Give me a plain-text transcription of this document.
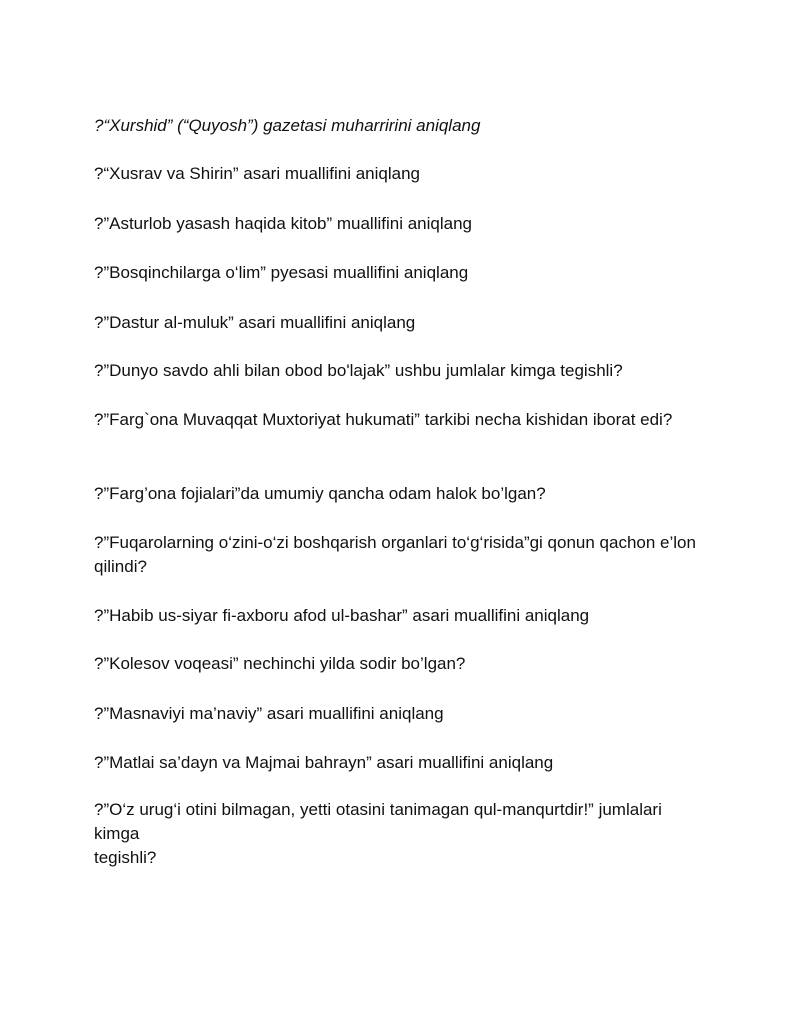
?“Xurshid” (“Quyosh”) gazetasi muharririni aniqlang

?“Xusrav va Shirin” asari muallifini aniqlang

?”Asturlob yasash haqida kitob” muallifini aniqlang

?”Bosqinchilarga o‘lim” pyesasi muallifini aniqlang

?”Dastur al-muluk” asari muallifini aniqlang

?”Dunyo savdo ahli bilan obod bo'lajak” ushbu jumlalar kimga tegishli?

?”Farg`ona Muvaqqat Muxtoriyat hukumati” tarkibi necha kishidan iborat edi?

?”Farg’ona fojialari”da umumiy qancha odam halok bo’lgan?

?”Fuqarolarning o‘zini-o‘zi boshqarish organlari to‘g‘risida”gi qonun qachon e’lon qilindi?

?”Habib us-siyar fi-axboru afod ul-bashar” asari muallifini aniqlang

?”Kolesov voqeasi” nechinchi yilda sodir bo’lgan?

?”Masnaviyi ma’naviy” asari muallifini aniqlang

?”Matlai sa’dayn va Majmai bahrayn” asari muallifini aniqlang

?”O‘z urug‘i otini bilmagan, yetti otasini tanimagan qul-manqurtdir!” jumlalari
kimga
tegishli?
